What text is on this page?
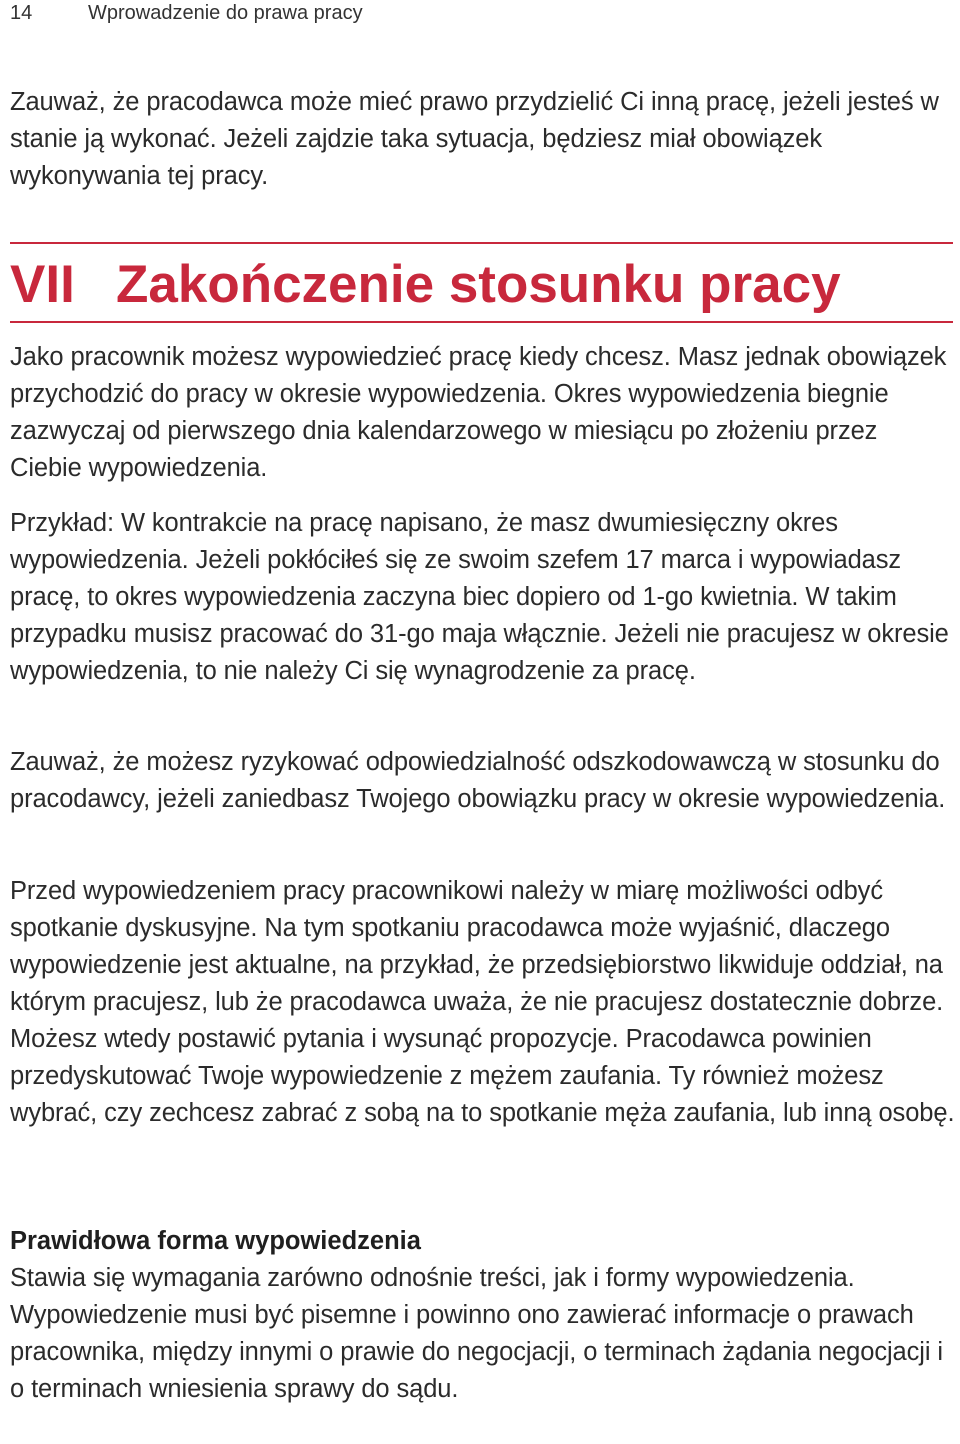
14	Wprowadzenie do prawa pracy

Zauważ, że pracodawca może mieć prawo przydzielić Ci inną pracę, jeżeli jesteś w stanie ją wykonać. Jeżeli zajdzie taka sytuacja, będziesz miał obowiązek wykonywania tej pracy.

VII Zakończenie stosunku pracy

Jako pracownik możesz wypowiedzieć pracę kiedy chcesz. Masz jednak obowiązek przychodzić do pracy w okresie wypowiedzenia. Okres wypowiedzenia biegnie zazwyczaj od pierwszego dnia kalendarzowego w miesiącu po złożeniu przez Ciebie wypowiedzenia.

Przykład: W kontrakcie na pracę napisano, że masz dwumiesięczny okres wypowiedzenia. Jeżeli pokłóciłeś się ze swoim szefem 17 marca i wypowiadasz pracę, to okres wypowiedzenia zaczyna biec dopiero od 1-go kwietnia. W takim przypadku musisz pracować do 31-go maja włącznie. Jeżeli nie pracujesz w okresie wypowiedzenia, to nie należy Ci się wynagrodzenie za pracę.

Zauważ, że możesz ryzykować odpowiedzialność odszkodowawczą w stosunku do pracodawcy, jeżeli zaniedbasz Twojego obowiązku pracy w okresie wypowiedzenia.

Przed wypowiedzeniem pracy pracownikowi należy w miarę możliwości odbyć spotkanie dyskusyjne. Na tym spotkaniu pracodawca może wyjaśnić, dlaczego wypowiedzenie jest aktualne, na przykład, że przedsiębiorstwo likwiduje oddział, na którym pracujesz, lub że pracodawca uważa, że nie pracujesz dostatecznie dobrze. Możesz wtedy postawić pytania i wysunąć propozycje. Pracodawca powinien przedyskutować Twoje wypowiedzenie z mężem zaufania. Ty również możesz wybrać, czy zechcesz zabrać z sobą na to spotkanie męża zaufania, lub inną osobę.

Prawidłowa forma wypowiedzenia

Stawia się wymagania zarówno odnośnie treści, jak i formy wypowiedzenia. Wypowiedzenie musi być pisemne i powinno ono zawierać informacje o prawach pracownika, między innymi o prawie do negocjacji, o terminach żądania negocjacji i o terminach wniesienia sprawy do sądu.
